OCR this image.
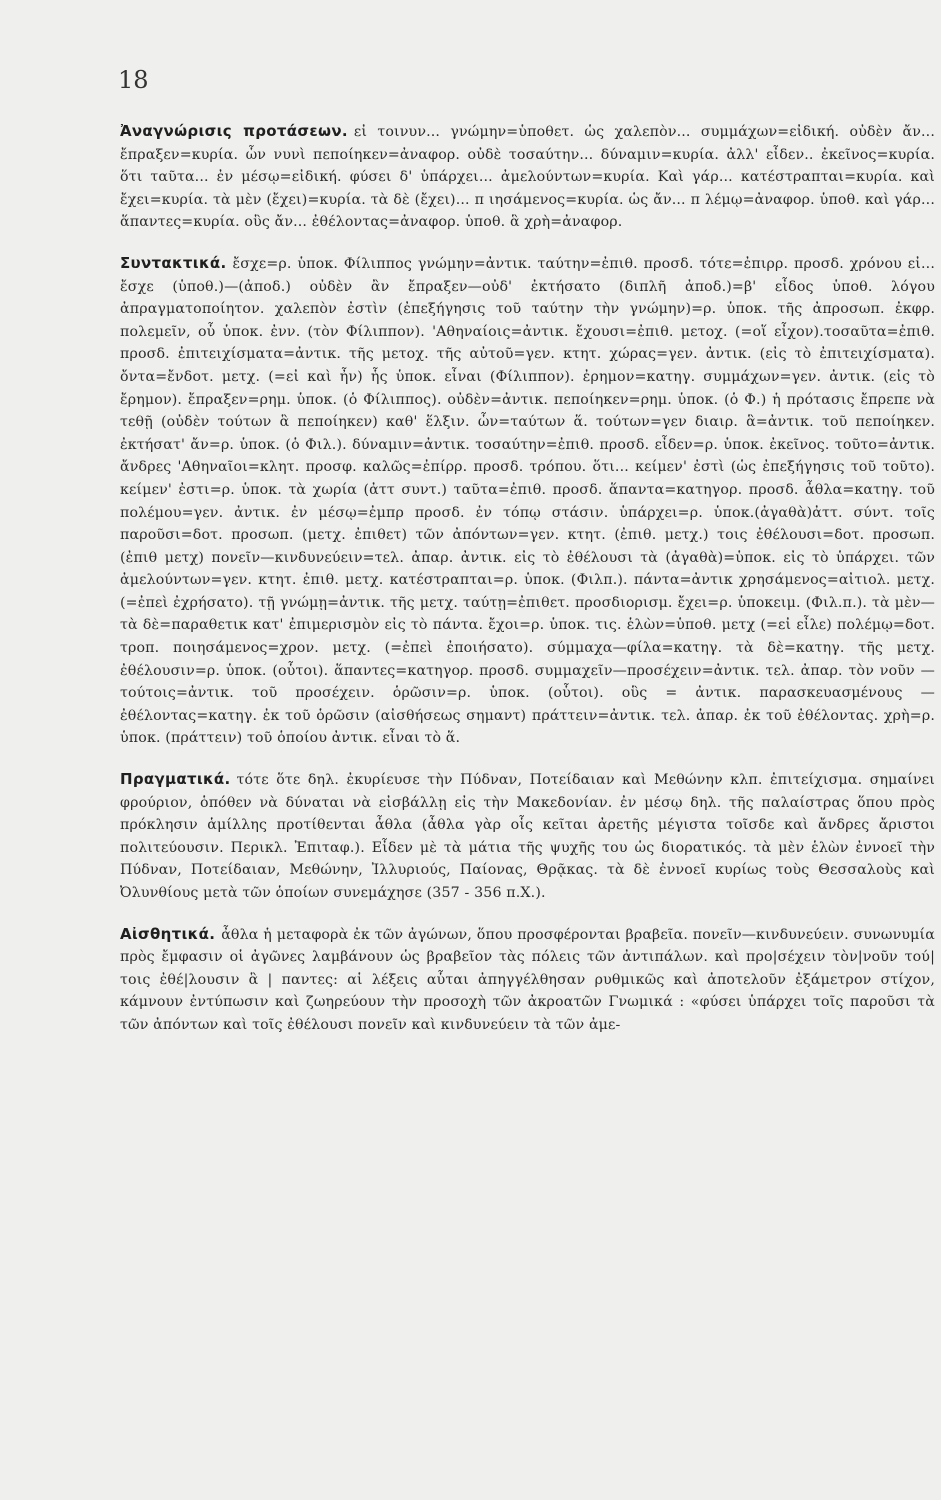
18

Ἀναγνώρισις προτάσεων. εἰ τοινυν... γνώμην=ὑποθετ. ὡς χαλεπὸν... συμμάχων=εἰδική. οὐδὲν ἄν... ἔπραξεν=κυρία. ὧν νυνὶ πεποίηκεν=ἀναφορ. οὐδὲ τοσαύτην... δύναμιν=κυρία. ἀλλ' εἶδεν.. ἐκεῖνος=κυρία. ὅτι ταῦτα... ἐν μέσῳ=εἰδική. φύσει δ' ὑπάρχει... ἀμελούντων=κυρία. Καὶ γάρ... κατέστραπται=κυρία. καὶ ἔχει=κυρία. τὰ μὲν (ἔχει)=κυρία. τὰ δὲ (ἔχει)... π ιησάμενος=κυρία. ὡς ἄν... π λέμῳ=ἀναφορ. ὑποθ. καὶ γάρ... ἅπαντες=κυρία. οὓς ἄν... ἐθέλοντας=ἀναφορ. ὑποθ. ἃ χρὴ=ἀναφορ.

Συντακτικά. ἔσχε=ρ. ὑποκ. Φίλιππος γνώμην=ἀντικ. ταύτην=ἐπιθ. προσδ. τότε=ἐπιρρ. προσδ. χρόνου εἰ... ἔσχε (ὑποθ.)—(ἀποδ.) οὐδὲν ἂν ἔπραξεν—οὐδ' ἐκτήσατο (διπλῆ ἀποδ.)=β' εἶδος ὑποθ. λόγου ἀπραγματοποίητον. χαλεπὸν ἐστὶν (ἐπεξήγησις τοῦ ταύτην τὴν γνώμην)=ρ. ὑποκ. τῆς ἀπροσωπ. ἐκφρ. πολεμεῖν, οὗ ὑποκ. ἐνν. (τὸν Φίλιππον). 'Αθηναίοις=ἀντικ. ἔχουσι=ἐπιθ. μετοχ. (=οἵ εἶχον).τοσαῦτα=ἐπιθ. προσδ. ἐπιτειχίσματα=ἀντικ. τῆς μετοχ. τῆς αὐτοῦ=γεν. κτητ. χώρας=γεν. ἀντικ. (εἰς τὸ ἐπιτειχίσματα). ὄντα=ἔνδοτ. μετχ. (=εἰ καὶ ἦν) ἧς ὑποκ. εἶναι (Φίλιππον). ἐρημον=κατηγ. συμμάχων=γεν. ἀντικ. (εἰς τὸ ἔρημον). ἔπραξεν=ρημ. ὑποκ. (ὁ Φίλιππος). οὐδὲν=ἀντικ. πεποίηκεν=ρημ. ὑποκ. (ὁ Φ.) ἡ πρότασις ἔπρεπε νὰ τεθῇ (οὐδὲν τούτων ἃ πεποίηκεν) καθ' ἕλξιν. ὧν=ταύτων ἅ. τούτων=γεν διαιρ. ἃ=ἀντικ. τοῦ πεποίηκεν. ἐκτήσατ' ἄν=ρ. ὑποκ. (ὁ Φιλ.). δύναμιν=ἀντικ. τοσαύτην=ἐπιθ. προσδ. εἶδεν=ρ. ὑποκ. ἐκεῖνος. τοῦτο=ἀντικ. ἄνδρες 'Αθηναῖοι=κλητ. προσφ. καλῶς=ἐπίρρ. προσδ. τρόπου. ὅτι... κείμεν' ἐστὶ (ὡς ἐπεξήγησις τοῦ τοῦτο). κείμεν' ἐστι=ρ. ὑποκ. τὰ χωρία (ἀττ συντ.) ταῦτα=ἐπιθ. προσδ. ἅπαντα=κατηγορ. προσδ. ἆθλα=κατηγ. τοῦ πολέμου=γεν. ἀντικ. ἐν μέσῳ=ἐμπρ προσδ. ἐν τόπῳ στάσιν. ὑπάρχει=ρ. ὑποκ.(ἀγαθὰ)ἀττ. σύντ. τοῖς παροῦσι=δοτ. προσωπ. (μετχ. ἐπιθετ) τῶν ἀπόντων=γεν. κτητ. (ἐπιθ. μετχ.) τοις ἐθέλουσι=δοτ. προσωπ. (ἐπιθ μετχ) πονεῖν—κινδυνεύειν=τελ. ἀπαρ. ἀντικ. εἰς τὸ ἐθέλουσι τὰ (ἀγαθὰ)=ὑποκ. εἰς τὸ ὑπάρχει. τῶν ἀμελούντων=γεν. κτητ. ἐπιθ. μετχ. κατέστραπται=ρ. ὑποκ. (Φιλπ.). πάντα=ἀντικ χρησάμενος=αἰτιολ. μετχ. (=ἐπεὶ ἐχρήσατο). τῇ γνώμῃ=ἀντικ. τῆς μετχ. ταύτῃ=ἐπιθετ. προσδιορισμ. ἔχει=ρ. ὑποκειμ. (Φιλ.π.). τὰ μὲν—τὰ δὲ=παραθετικ κατ' ἐπιμερισμὸν εἰς τὸ πάντα. ἔχοι=ρ. ὑποκ. τις. ἑλὼν=ὑποθ. μετχ (=εἰ εἶλε) πολέμῳ=δοτ. τροπ. ποιησάμενος=χρον. μετχ. (=ἐπεὶ ἐποιήσατο). σύμμαχα—φίλα=κατηγ. τὰ δὲ=κατηγ. τῆς μετχ. ἐθέλουσιν=ρ. ὑποκ. (οὗτοι). ἅπαντες=κατηγορ. προσδ. συμμαχεῖν—προσέχειν=ἀντικ. τελ. ἀπαρ. τὸν νοῦν — τούτοις=ἀντικ. τοῦ προσέχειν. ὁρῶσιν=ρ. ὑποκ. (οὗτοι). οὓς = ἀντικ. παρασκευασμένους — ἐθέλοντας=κατηγ. ἐκ τοῦ ὁρῶσιν (αἰσθήσεως σημαντ) πράττειν=ἀντικ. τελ. ἀπαρ. ἐκ τοῦ ἐθέλοντας. χρὴ=ρ. ὑποκ. (πράττειν) τοῦ ὁποίου ἀντικ. εἶναι τὸ ἅ.

Πραγματικά. τότε ὅτε δηλ. ἐκυρίευσε τὴν Πύδναν, Ποτείδαιαν καὶ Μεθώνην κλπ. ἐπιτείχισμα. σημαίνει φρούριον, ὁπόθεν νὰ δύναται νὰ εἰσβάλλῃ εἰς τὴν Μακεδονίαν. ἐν μέσῳ δηλ. τῆς παλαίστρας ὅπου πρὸς πρόκλησιν ἁμίλλης προτίθενται ἆθλα (ἆθλα γὰρ οἷς κεῖται ἀρετῆς μέγιστα τοῖσδε καὶ ἄνδρες ἄριστοι πολιτεύουσιν. Περικλ. Ἐπιταφ.). Εἶδεν μὲ τὰ μάτια τῆς ψυχῆς του ὡς διορατικός. τὰ μὲν ἑλὼν ἐννοεῖ τὴν Πύδναν, Ποτείδαιαν, Μεθώνην, Ἰλλυριούς, Παίονας, Θρᾷκας. τὰ δὲ ἐννοεῖ κυρίως τοὺς Θεσσαλοὺς καὶ Ὀλυνθίους μετὰ τῶν ὁποίων συνεμάχησε (357 - 356 π.Χ.).

Αἰσθητικά. ἆθλα ἡ μεταφορὰ ἐκ τῶν ἀγώνων, ὅπου προσφέρονται βραβεῖα. πονεῖν—κινδυνεύειν. συνωνυμία πρὸς ἔμφασιν οἱ ἀγῶνες λαμβάνουν ὡς βραβεῖον τὰς πόλεις τῶν ἀντιπάλων. καὶ προ|σέχειν τὸν|νοῦν τού|τοις ἐθέ|λουσιν ἃ | παντες: αἱ λέξεις αὗται ἀπηγγέλθησαν ρυθμικῶς καὶ ἀποτελοῦν ἐξάμετρον στίχον, κάμνουν ἐντύπωσιν καὶ ζωηρεύουν τὴν προσοχὴ τῶν ἀκροατῶν Γνωμικά : «φύσει ὑπάρχει τοῖς παροῦσι τὰ τῶν ἀπόντων καὶ τοῖς ἐθέλουσι πονεῖν καὶ κινδυνεύειν τὰ τῶν ἀμε-
